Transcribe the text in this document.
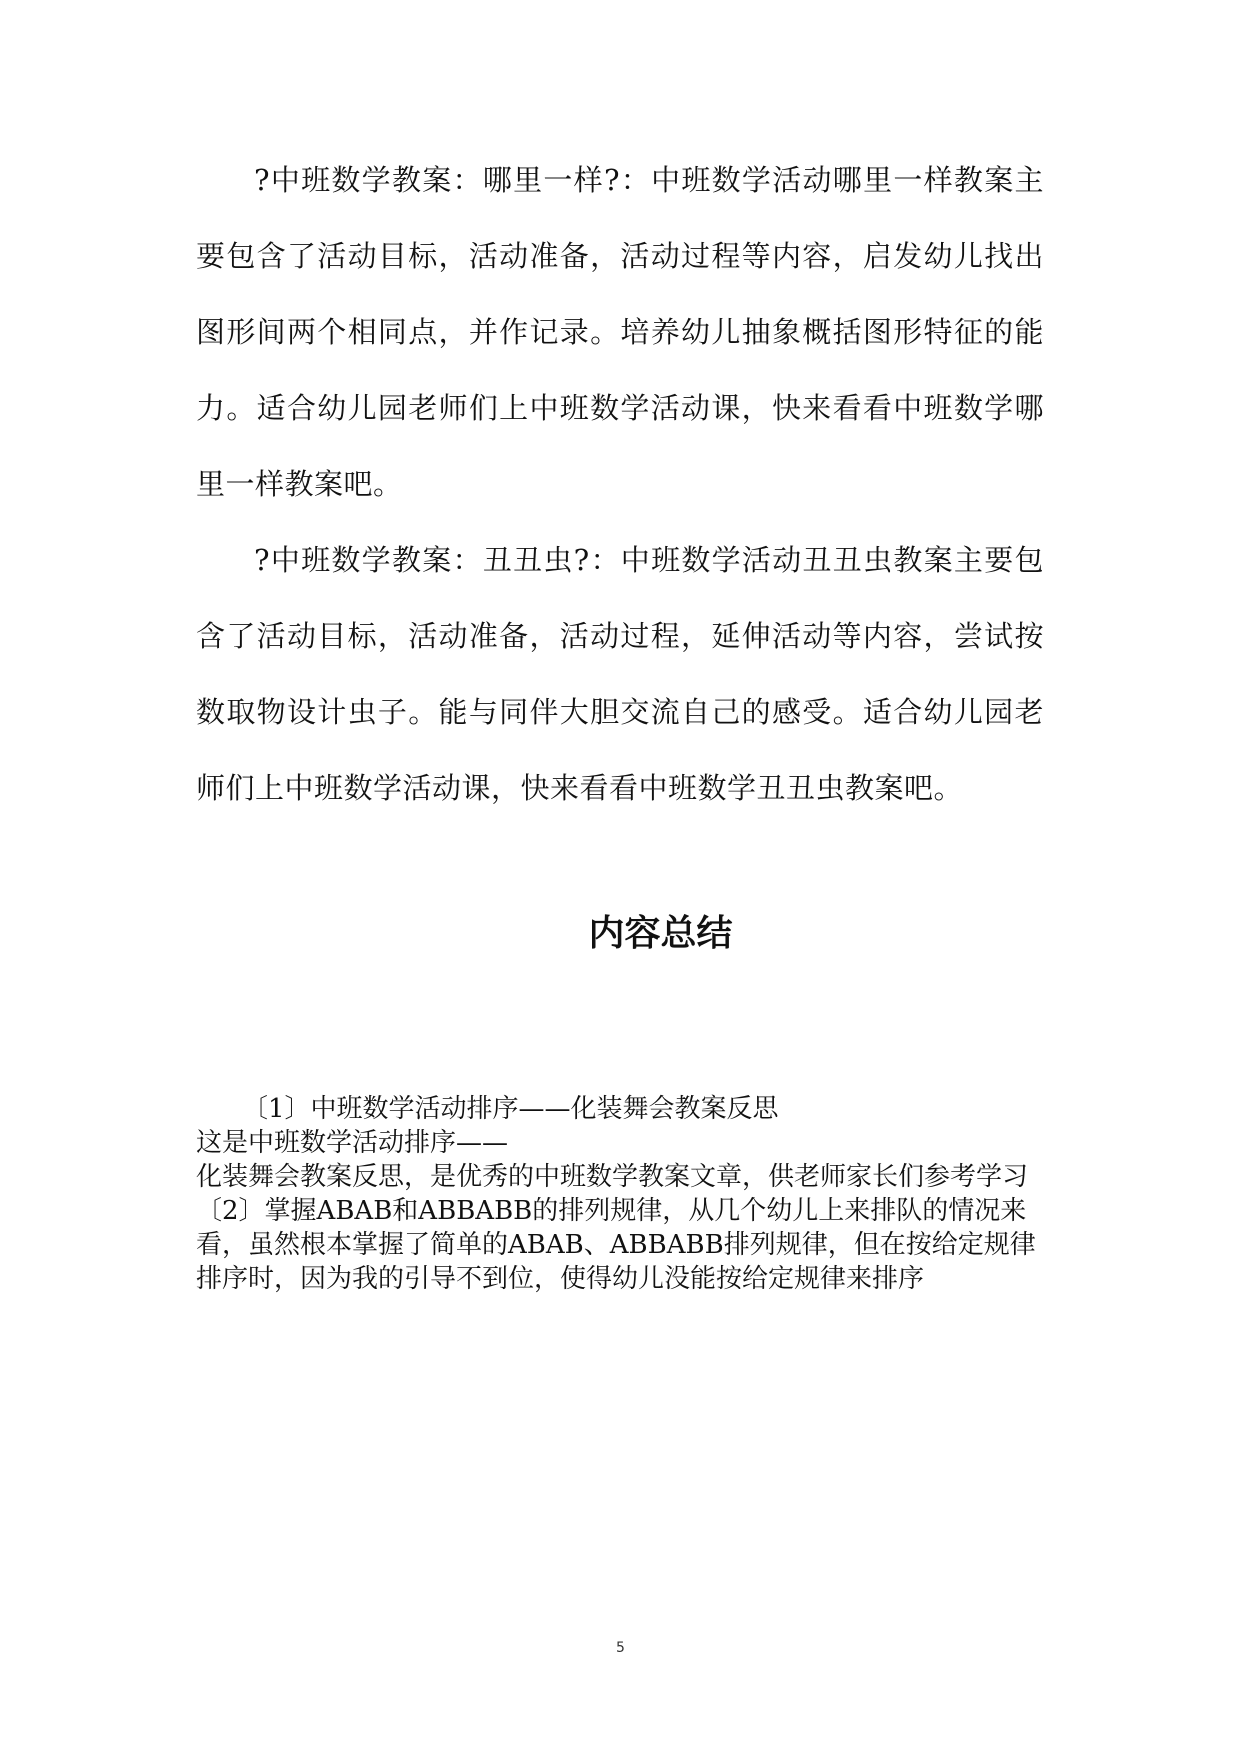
?中班数学教案：哪里一样?：中班数学活动哪里一样教案主要包含了活动目标，活动准备，活动过程等内容，启发幼儿找出图形间两个相同点，并作记录。培养幼儿抽象概括图形特征的能力。适合幼儿园老师们上中班数学活动课，快来看看中班数学哪里一样教案吧。

?中班数学教案：丑丑虫?：中班数学活动丑丑虫教案主要包含了活动目标，活动准备，活动过程，延伸活动等内容，尝试按数取物设计虫子。能与同伴大胆交流自己的感受。适合幼儿园老师们上中班数学活动课，快来看看中班数学丑丑虫教案吧。

内容总结
〔1〕中班数学活动排序——化装舞会教案反思
这是中班数学活动排序——
化装舞会教案反思，是优秀的中班数学教案文章，供老师家长们参考学习
〔2〕掌握ABAB和ABBABB的排列规律，从几个幼儿上来排队的情况来看，虽然根本掌握了简单的ABAB、ABBABB排列规律，但在按给定规律排序时，因为我的引导不到位，使得幼儿没能按给定规律来排序
5
